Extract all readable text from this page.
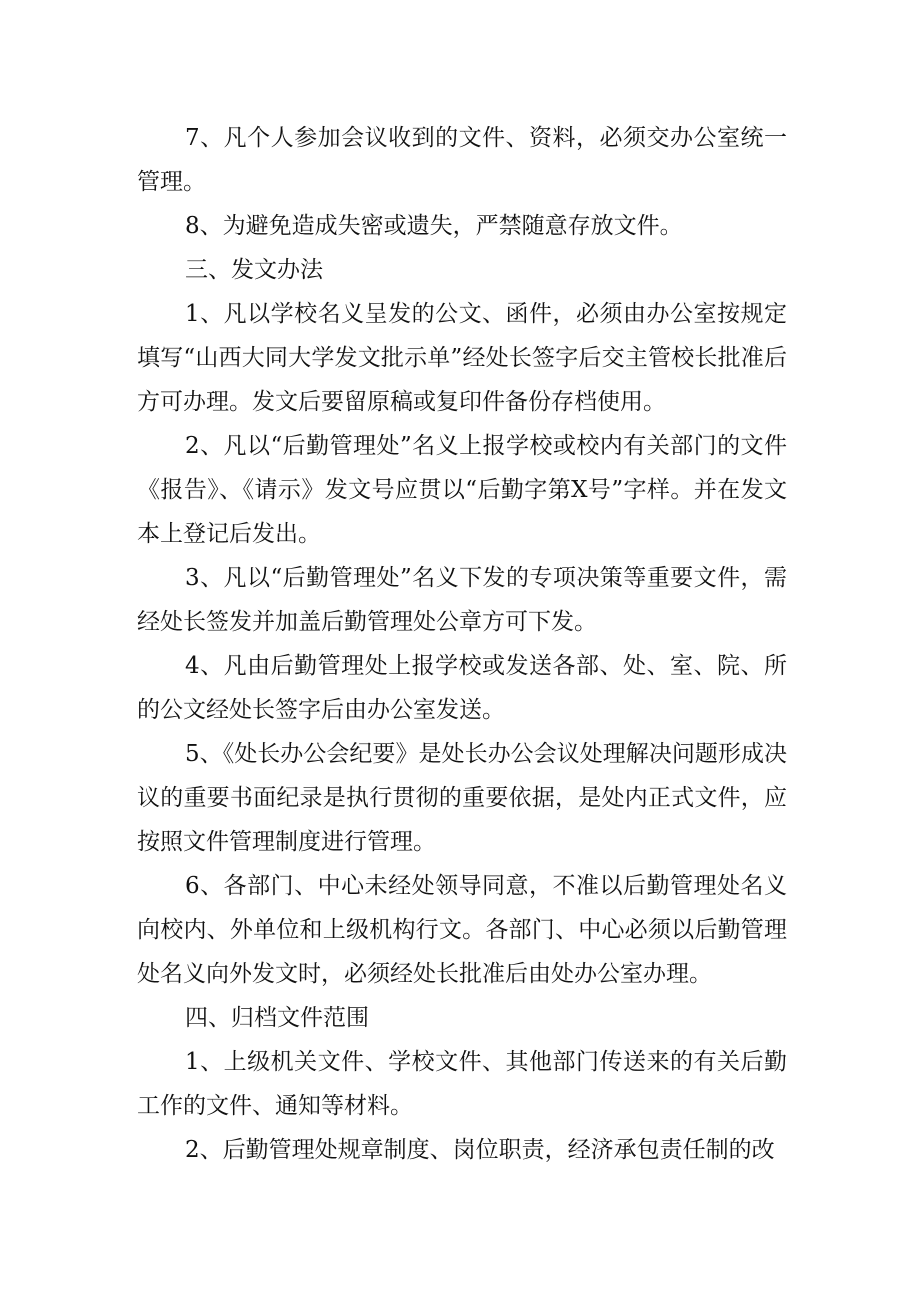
7、凡个人参加会议收到的文件、资料，必须交办公室统一管理。

8、为避免造成失密或遗失，严禁随意存放文件。

三、发文办法

1、凡以学校名义呈发的公文、函件，必须由办公室按规定填写“山西大同大学发文批示单”经处长签字后交主管校长批准后方可办理。发文后要留原稿或复印件备份存档使用。

2、凡以“后勤管理处”名义上报学校或校内有关部门的文件《报告》、《请示》发文号应贯以“后勤字第X号”字样。并在发文本上登记后发出。

3、凡以“后勤管理处”名义下发的专项决策等重要文件，需经处长签发并加盖后勤管理处公章方可下发。

4、凡由后勤管理处上报学校或发送各部、处、室、院、所的公文经处长签字后由办公室发送。

5、《处长办公会纪要》是处长办公会议处理解决问题形成决议的重要书面纪录是执行贯彻的重要依据，是处内正式文件，应按照文件管理制度进行管理。

6、各部门、中心未经处领导同意，不准以后勤管理处名义向校内、外单位和上级机构行文。各部门、中心必须以后勤管理处名义向外发文时，必须经处长批准后由处办公室办理。

四、归档文件范围

1、上级机关文件、学校文件、其他部门传送来的有关后勤工作的文件、通知等材料。

2、后勤管理处规章制度、岗位职责，经济承包责任制的改
